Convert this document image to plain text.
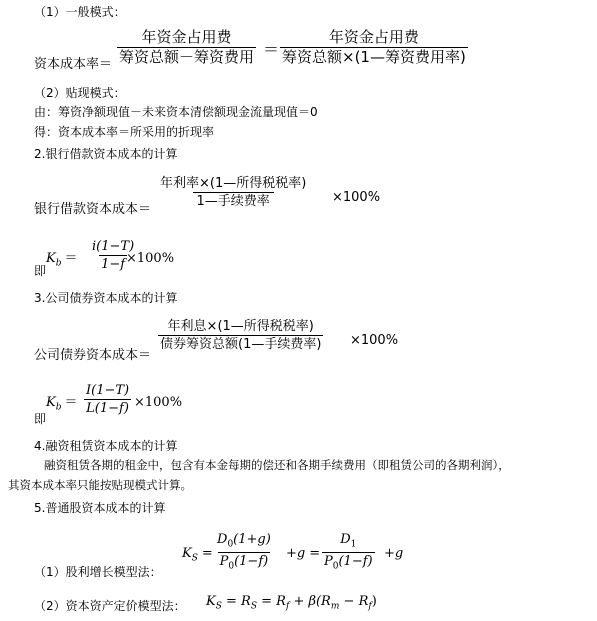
（1）一般模式：
资本成本率＝
年资金占用费
筹资总额－筹资费用 ＝
年资金占用费
筹资总额×(1—筹资费用率)
（2）贴现模式：
由：筹资净额现值－未来资本清偿额现金流量现值＝0
得：资本成本率＝所采用的折现率
2.银行借款资本成本的计算
银行借款资本成本＝
年利率×(1—所得税税率)
1—手续费率	×100%
即
$K_b = \frac{i(1-T)}{1-f}$
×100%
3.公司债券资本成本的计算
公司债券资本成本＝
年利息×(1—所得税税率)
债券筹资总额(1—手续费率) ×100%
即
$K_b = \frac{I(1-T)}{L(1-f)} \times 100\%$
4.融资租赁资本成本的计算
融资租赁各期的租金中，包含有本金每期的偿还和各期手续费用（即租赁公司的各期利润），
其资本成本率只能按贴现模式计算。
5.普通股资本成本的计算
（1）股利增长模型法：
$K_S = \frac{D_0(1+g)}{P_0(1-f)} +g = \frac{D_1}{P_0(1-f)} +g$
（2）资本资产定价模型法： $K_S = R_S = R_f + \beta(R_m - R_f)$
